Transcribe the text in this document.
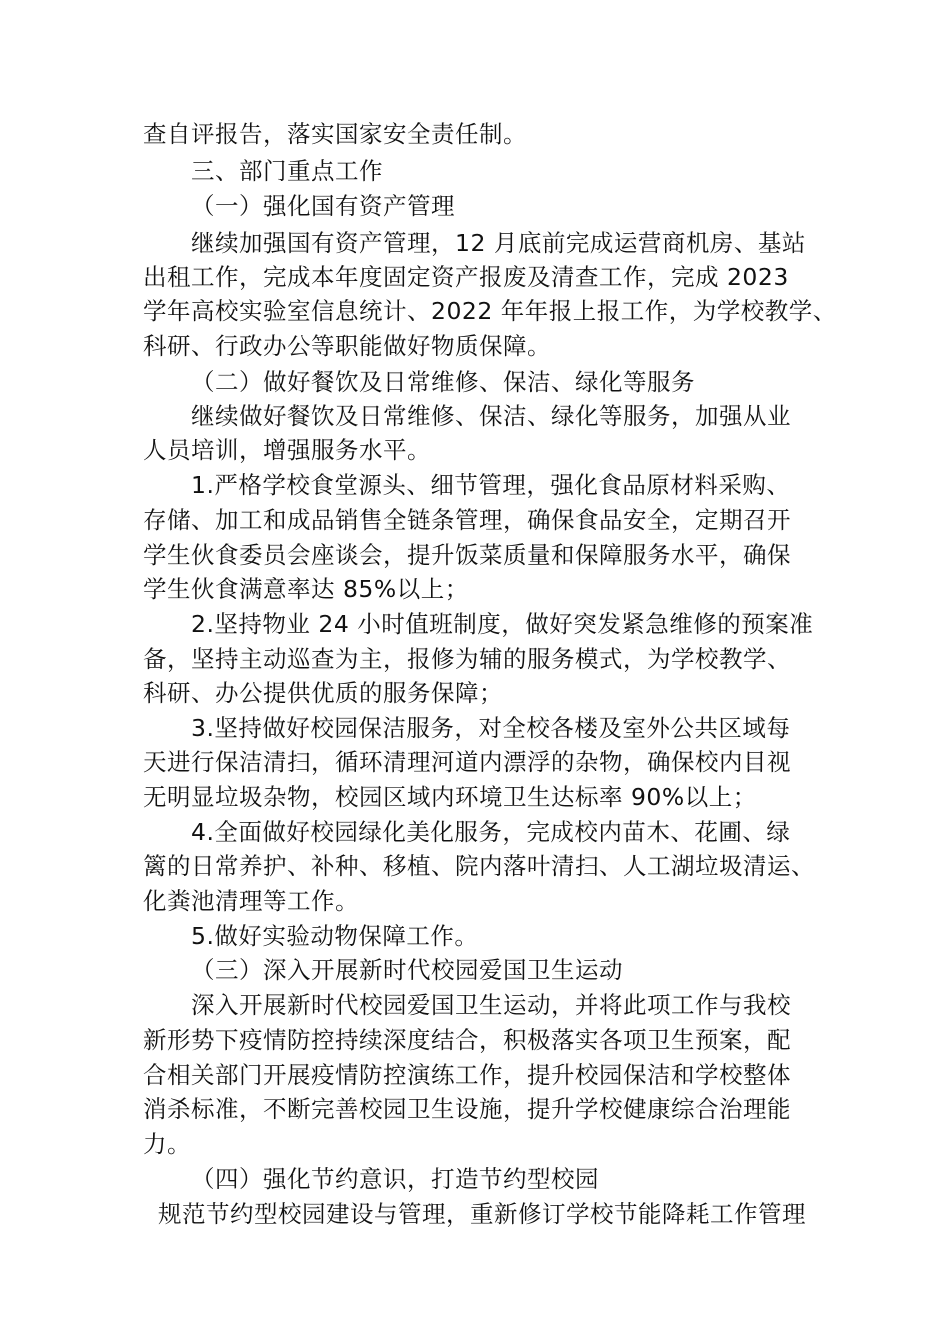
查自评报告，落实国家安全责任制。
三、部门重点工作
（一）强化国有资产管理
继续加强国有资产管理，12 月底前完成运营商机房、基站
出租工作，完成本年度固定资产报废及清查工作，完成 2023
学年高校实验室信息统计、2022 年年报上报工作，为学校教学、
科研、行政办公等职能做好物质保障。
（二）做好餐饮及日常维修、保洁、绿化等服务
继续做好餐饮及日常维修、保洁、绿化等服务，加强从业
人员培训，增强服务水平。
1.严格学校食堂源头、细节管理，强化食品原材料采购、
存储、加工和成品销售全链条管理，确保食品安全，定期召开
学生伙食委员会座谈会，提升饭菜质量和保障服务水平，确保
学生伙食满意率达 85%以上；
2.坚持物业 24 小时值班制度，做好突发紧急维修的预案准
备，坚持主动巡查为主，报修为辅的服务模式，为学校教学、
科研、办公提供优质的服务保障；
3.坚持做好校园保洁服务，对全校各楼及室外公共区域每
天进行保洁清扫，循环清理河道内漂浮的杂物，确保校内目视
无明显垃圾杂物，校园区域内环境卫生达标率 90%以上；
4.全面做好校园绿化美化服务，完成校内苗木、花圃、绿
篱的日常养护、补种、移植、院内落叶清扫、人工湖垃圾清运、
化粪池清理等工作。
5.做好实验动物保障工作。
（三）深入开展新时代校园爱国卫生运动
深入开展新时代校园爱国卫生运动，并将此项工作与我校
新形势下疫情防控持续深度结合，积极落实各项卫生预案，配
合相关部门开展疫情防控演练工作，提升校园保洁和学校整体
消杀标准，不断完善校园卫生设施，提升学校健康综合治理能
力。
（四）强化节约意识，打造节约型校园
规范节约型校园建设与管理，重新修订学校节能降耗工作管理
